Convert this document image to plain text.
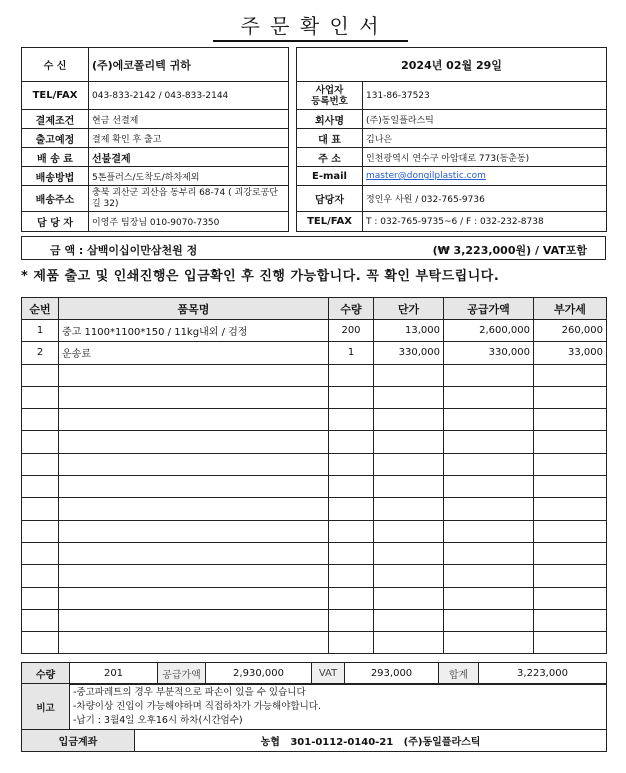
주 문 확 인 서
수 신	(주)에코폴리텍 귀하
TEL/FAX	043-833-2142 / 043-833-2144
결제조건	현금 선결제
출고예정	결제 확인 후 출고
배 송 료	선불결제
배송방법	5톤플러스/도착도/하차제외
배송주소	충북 괴산군 괴산읍 동부리 68-74 ( 괴강로공단길 32)
담 당 자	이영주 팀장님 010-9070-7350
2024년 02월 29일	
사업자
등록번호	131-86-37523
회사명	(주)동일플라스틱
대 표	김나은
주 소	인천광역시 연수구 아암대로 773(동춘동)
E-mail	master@dongilplastic.com
담당자	정인우 사원 / 032-765-9736
TEL/FAX	T : 032-765-9735~6 / F : 032-232-8738
금 액 : 삼백이십이만삼천원 정	(₩ 3,223,000원) / VAT포함
* 제품 출고 및 인쇄진행은 입금확인 후 진행 가능합니다. 꼭 확인 부탁드립니다.
순번	품목명	수량	단가	공급가액	부가세
1	중고 1100*1100*150 / 11kg내외 / 검정	200	13,000	2,600,000	260,000
2	운송료	1	330,000	330,000	33,000

수량	201	공급가액	2,930,000	VAT	293,000	합계	3,223,000
비고	
-중고파레트의 경우 부분적으로 파손이 있을 수 있습니다
-차량이상 진입이 가능해야하며 직접하차가 가능해야합니다.
-납기 : 3월4일 오후16시 하차(시간엄수)
입금계좌	농협   301-0112-0140-21   (주)동일플라스틱
